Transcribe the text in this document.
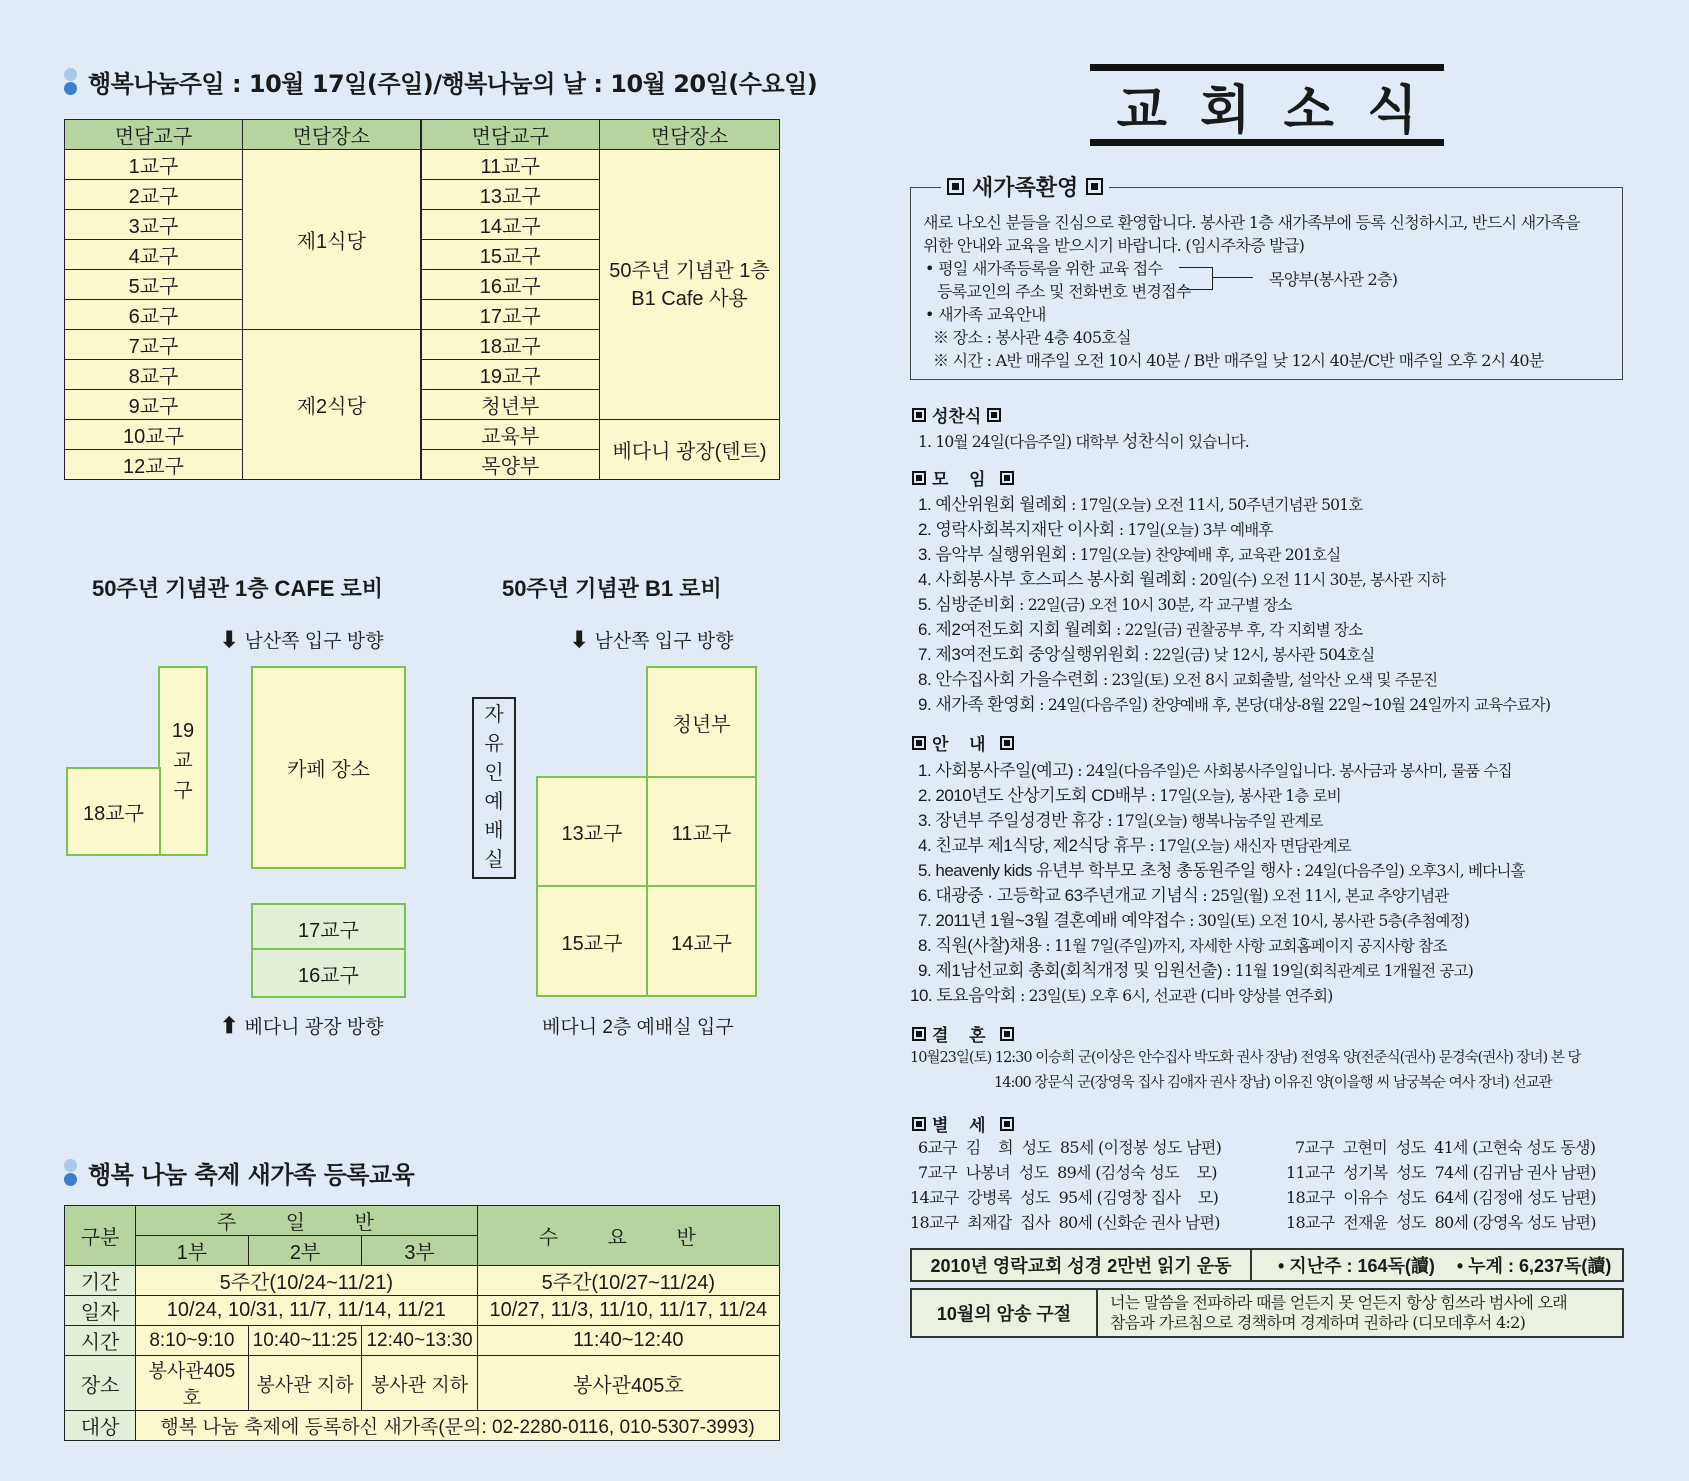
행복나눔주일 : 10월 17일(주일)/행복나눔의 날 : 10월 20일(수요일)
면담교구	면담장소	면담교구	면담장소
1교구	제1식당	11교구	50주년 기념관 1층 B1 Cafe 사용
2교구		13교구	
3교구		14교구	
4교구		15교구	
5교구		16교구	
6교구		17교구	
7교구	제2식당	18교구	
8교구		19교구	
9교구		청년부	
10교구		교육부	베다니 광장(텐트)
12교구		목양부	
50주년 기념관 1층 CAFE 로비
⬇ 남산쪽 입구 방향
19
교
구
18교구
카페 장소
17교구
16교구
⬆ 베다니 광장 방향
50주년 기념관 B1 로비
⬇ 남산쪽 입구 방향
자
유
인
예
배
실
청년부
13교구 11교구
15교구 14교구
베다니 2층 예배실 입구
행복 나눔 축제 새가족 등록교육
구분	주 일 반			수 요 반
	1부	2부	3부	
기간	5주간(10/24~11/21)			5주간(10/27~11/24)
일자	10/24, 10/31, 11/7, 11/14, 11/21			10/27, 11/3, 11/10, 11/17, 11/24
시간	8:10~9:10	10:40~11:25	12:40~13:30	11:40~12:40
장소	봉사관405호	봉사관 지하	봉사관 지하	봉사관405호
대상	행복 나눔 축제에 등록하신 새가족(문의: 02-2280-0116, 010-5307-3993)			
교 회 소 식
새가족환영
새로 나오신 분들을 진심으로 환영합니다. 봉사관 1층 새가족부에 등록 신청하시고, 반드시 새가족을
위한 안내와 교육을 받으시기 바랍니다. (임시주차증 발급)
• 평일 새가족등록을 위한 교육 접수
등록교인의 주소 및 전화번호 변경접수
목양부(봉사관 2층)
• 새가족 교육안내
※ 장소 : 봉사관 4층 405호실
※ 시간 : A반 매주일 오전 10시 40분 / B반 매주일 낮 12시 40분/C반 매주일 오후 2시 40분
성찬식
1. 10월 24일(다음주일) 대학부 성찬식이 있습니다.
모 임
1. 예산위원회 월례회 : 17일(오늘) 오전 11시, 50주년기념관 501호
2. 영락사회복지재단 이사회 : 17일(오늘) 3부 예배후
3. 음악부 실행위원회 : 17일(오늘) 찬양예배 후, 교육관 201호실
4. 사회봉사부 호스피스 봉사회 월례회 : 20일(수) 오전 11시 30분, 봉사관 지하
5. 심방준비회 : 22일(금) 오전 10시 30분, 각 교구별 장소
6. 제2여전도회 지회 월례회 : 22일(금) 권찰공부 후, 각 지회별 장소
7. 제3여전도회 중앙실행위원회 : 22일(금) 낮 12시, 봉사관 504호실
8. 안수집사회 가을수련회 : 23일(토) 오전 8시 교회출발, 설악산 오색 및 주문진
9. 새가족 환영회 : 24일(다음주일) 찬양예배 후, 본당(대상-8월 22일~10월 24일까지 교육수료자)
안 내
1. 사회봉사주일(예고) : 24일(다음주일)은 사회봉사주일입니다. 봉사금과 봉사미, 물품 수집
2. 2010년도 산상기도회 CD배부 : 17일(오늘), 봉사관 1층 로비
3. 장년부 주일성경반 휴강 : 17일(오늘) 행복나눔주일 관계로
4. 친교부 제1식당, 제2식당 휴무 : 17일(오늘) 새신자 면담관계로
5. heavenly kids 유년부 학부모 초청 총동원주일 행사 : 24일(다음주일) 오후3시, 베다니홀
6. 대광중 · 고등학교 63주년개교 기념식 : 25일(월) 오전 11시, 본교 추양기념관
7. 2011년 1월~3월 결혼예배 예약접수 : 30일(토) 오전 10시, 봉사관 5층(추첨예정)
8. 직원(사찰)채용 : 11월 7일(주일)까지, 자세한 사항 교회홈페이지 공지사항 참조
9. 제1남선교회 총회(회칙개정 및 임원선출) : 11월 19일(회칙관계로 1개월전 공고)
10. 토요음악회 : 23일(토) 오후 6시, 선교관 (디바 양상블 연주회)
결 혼
10월23일(토) 12:30 이승희 군(이상은 안수집사 박도화 권사 장남) 전영옥 양(전준식(권사) 문경숙(권사) 장녀) 본 당
14:00 장문식 군(장영욱 집사 김애자 권사 장남) 이유진 양(이을행 씨 남궁복순 여사 장녀) 선교관
별 세
6교구  김    희  성도  85세 (이정봉 성도 남편)
7교구  나봉녀  성도  89세 (김성숙 성도    모)
14교구  강병록  성도  95세 (김영창 집사    모)
18교구  최재갑  집사  80세 (신화순 권사 남편)
7교구  고현미  성도  41세 (고현숙 성도 동생)
11교구  성기복  성도  74세 (김귀남 권사 남편)
18교구  이유수  성도  64세 (김정애 성도 남편)
18교구  전재윤  성도  80세 (강영옥 성도 남편)
2010년 영락교회 성경 2만번 읽기 운동	• 지난주 : 164독(讀)	• 누계 : 6,237독(讀)
10월의 암송 구절
너는 말씀을 전파하라 때를 얻든지 못 얻든지 항상 힘쓰라 범사에 오래
참음과 가르침으로 경책하며 경계하며 권하라 (디모데후서 4:2)
